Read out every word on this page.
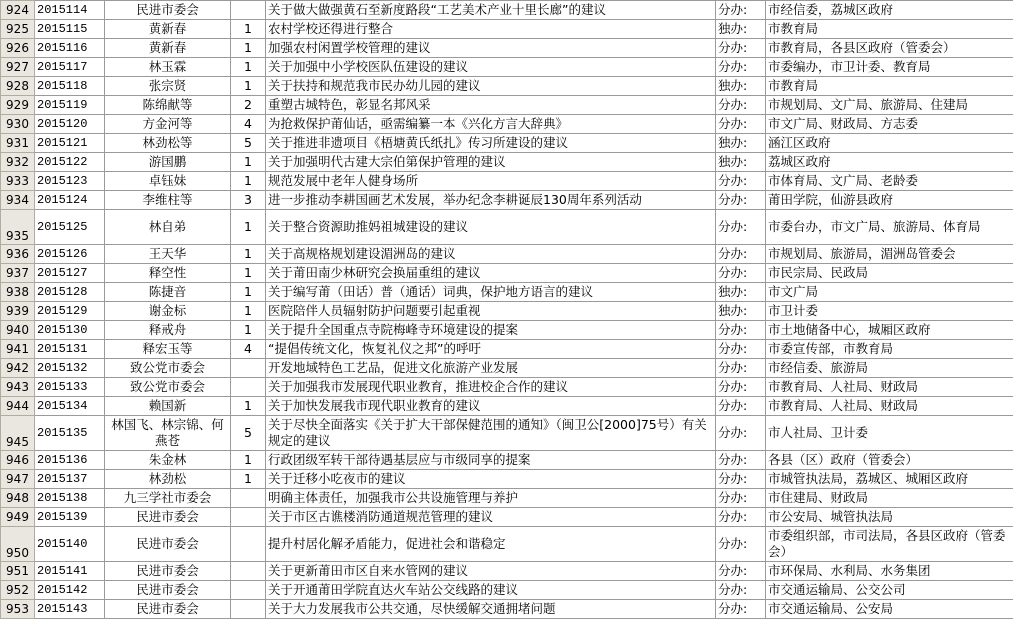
924	2015114	民进市委会		关于做大做强黄石至新度路段“工艺美术产业十里长廊”的建议	分办:	市经信委，荔城区政府
925	2015115	黄新春	1	农村学校还得进行整合	独办:	市教育局
926	2015116	黄新春	1	加强农村闲置学校管理的建议	分办:	市教育局，各县区政府（管委会）
927	2015117	林玉霖	1	关于加强中小学校医队伍建设的建议	分办:	市委编办，市卫计委、教育局
928	2015118	张宗贤	1	关于扶持和规范我市民办幼儿园的建议	独办:	市教育局
929	2015119	陈绵献等	2	重塑古城特色，彰显名邦风采	分办:	市规划局、文广局、旅游局、住建局
930	2015120	方金河等	4	为抢救保护莆仙话，亟需编纂一本《兴化方言大辞典》	分办:	市文广局、财政局、方志委
931	2015121	林劲松等	5	关于推进非遗项目《梧塘黄氏纸扎》传习所建设的建议	独办:	涵江区政府
932	2015122	游国鹏	1	关于加强明代古建大宗伯第保护管理的建议	独办:	荔城区政府
933	2015123	卓钰妹	1	规范发展中老年人健身场所	分办:	市体育局、文广局、老龄委
934	2015124	李维柱等	3	进一步推动李耕国画艺术发展，举办纪念李耕诞辰130周年系列活动	分办:	莆田学院，仙游县政府
935	2015125	林自弟	1	关于整合资源助推妈祖城建设的建议	分办:	市委台办，市文广局、旅游局、体育局
936	2015126	王天华	1	关于高规格规划建设湄洲岛的建议	分办:	市规划局、旅游局，湄洲岛管委会
937	2015127	释空性	1	关于莆田南少林研究会换届重组的建议	分办:	市民宗局、民政局
938	2015128	陈捷音	1	关于编写莆（田话）普（通话）词典，保护地方语言的建议	独办:	市文广局
939	2015129	谢金标	1	医院陪伴人员辐射防护问题要引起重视	独办:	市卫计委
940	2015130	释戒舟	1	关于提升全国重点寺院梅峰寺环境建设的提案	分办:	市土地储备中心，城厢区政府
941	2015131	释宏玉等	4	“提倡传统文化，恢复礼仪之邦”的呼吁	分办:	市委宣传部，市教育局
942	2015132	致公党市委会		开发地域特色工艺品，促进文化旅游产业发展	分办:	市经信委、旅游局
943	2015133	致公党市委会		关于加强我市发展现代职业教育，推进校企合作的建议	分办:	市教育局、人社局、财政局
944	2015134	赖国新	1	关于加快发展我市现代职业教育的建议	分办:	市教育局、人社局、财政局
945	2015135	林国飞、林宗锦、何燕苍	5	关于尽快全面落实《关于扩大干部保健范围的通知》（闽卫公[2000]75号）有关规定的建议	分办:	市人社局、卫计委
946	2015136	朱金林	1	行政团级军转干部待遇基层应与市级同享的提案	分办:	各县（区）政府（管委会）
947	2015137	林劲松	1	关于迁移小吃夜市的建议	分办:	市城管执法局，荔城区、城厢区政府
948	2015138	九三学社市委会		明确主体责任，加强我市公共设施管理与养护	分办:	市住建局、财政局
949	2015139	民进市委会		关于市区古谯楼消防通道规范管理的建议	分办:	市公安局、城管执法局
950	2015140	民进市委会		提升村居化解矛盾能力，促进社会和谐稳定	分办:	市委组织部，市司法局，各县区政府（管委会）
951	2015141	民进市委会		关于更新莆田市区自来水管网的建议	分办:	市环保局、水利局、水务集团
952	2015142	民进市委会		关于开通莆田学院直达火车站公交线路的建议	分办:	市交通运输局、公交公司
953	2015143	民进市委会		关于大力发展我市公共交通，尽快缓解交通拥堵问题	分办:	市交通运输局、公安局
